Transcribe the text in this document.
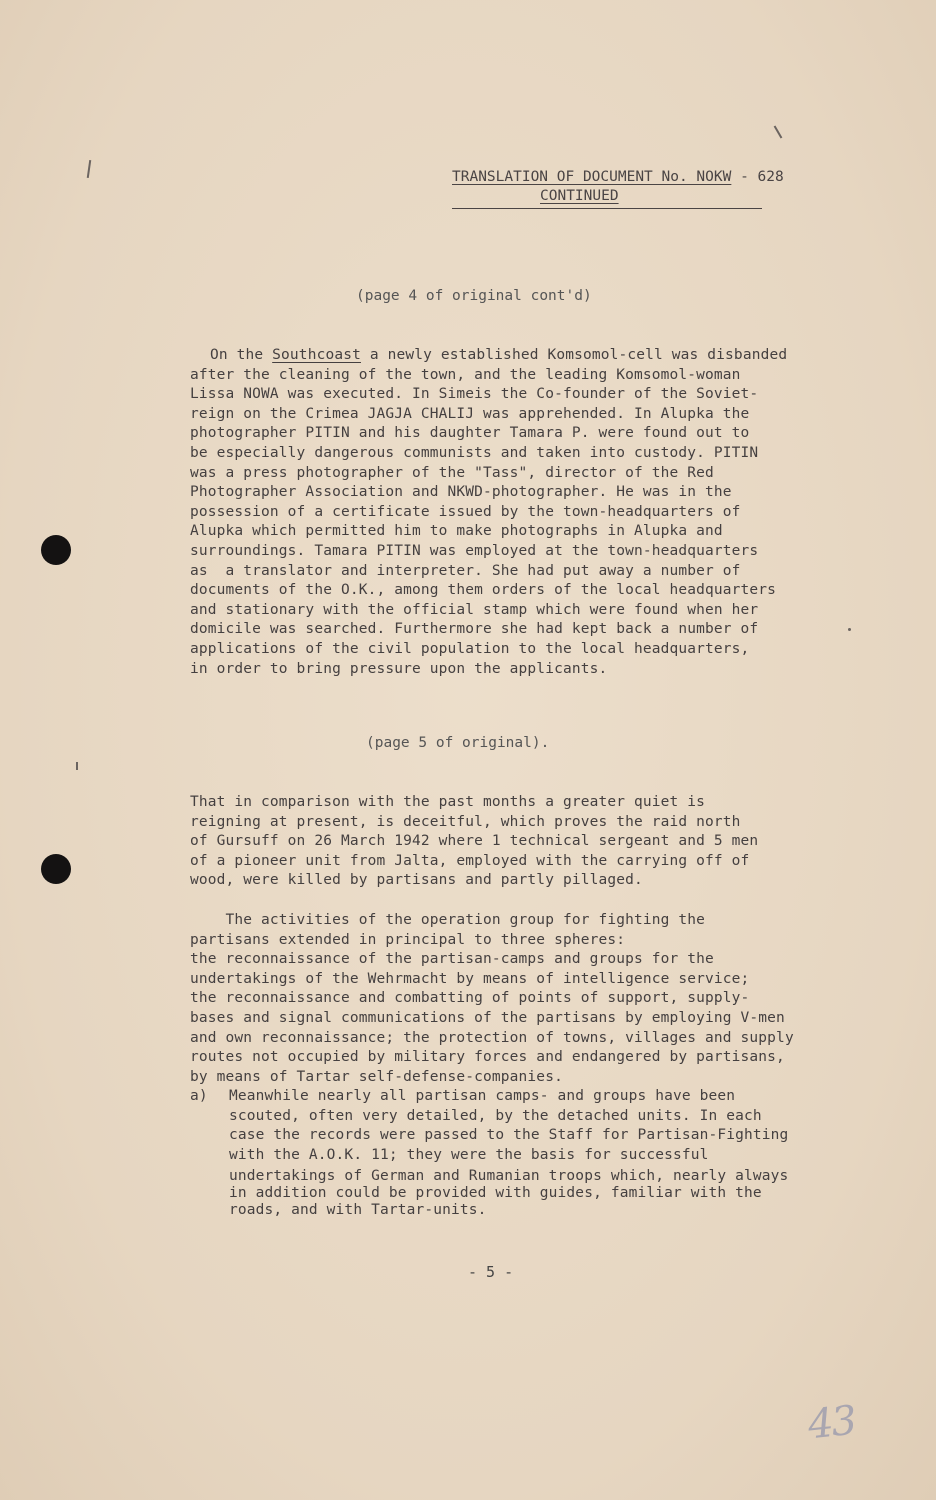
TRANSLATION OF DOCUMENT No. NOKW - 628
CONTINUED
(page 4 of original cont'd)

On the Southcoast a newly established Komsomol-cell was disbanded
after the cleaning of the town, and the leading Komsomol-woman
Lissa NOWA was executed. In Simeis the Co-founder of the Soviet-
reign on the Crimea JAGJA CHALIJ was apprehended. In Alupka the
photographer PITIN and his daughter Tamara P. were found out to
be especially dangerous communists and taken into custody. PITIN
was a press photographer of the "Tass", director of the Red
Photographer Association and NKWD-photographer. He was in the
possession of a certificate issued by the town-headquarters of
Alupka which permitted him to make photographs in Alupka and
surroundings. Tamara PITIN was employed at the town-headquarters
as  a translator and interpreter. She had put away a number of
documents of the O.K., among them orders of the local headquarters
and stationary with the official stamp which were found when her
domicile was searched. Furthermore she had kept back a number of
applications of the civil population to the local headquarters,
in order to bring pressure upon the applicants.

(page 5 of original).

That in comparison with the past months a greater quiet is
reigning at present, is deceitful, which proves the raid north
of Gursuff on 26 March 1942 where 1 technical sergeant and 5 men
of a pioneer unit from Jalta, employed with the carrying off of
wood, were killed by partisans and partly pillaged.

The activities of the operation group for fighting the
partisans extended in principal to three spheres:
the reconnaissance of the partisan-camps and groups for the
undertakings of the Wehrmacht by means of intelligence service;
the reconnaissance and combatting of points of support, supply-
bases and signal communications of the partisans by employing V-men
and own reconnaissance; the protection of towns, villages and supply
routes not occupied by military forces and endangered by partisans,
by means of Tartar self-defense-companies.

a) Meanwhile nearly all partisan camps- and groups have been
scouted, often very detailed, by the detached units. In each
case the records were passed to the Staff for Partisan-Fighting
with the A.O.K. 11; they were the basis for successful

undertakings of German and Rumanian troops which, nearly always
in addition could be provided with guides, familiar with the
roads, and with Tartar-units.

- 5 -
43
